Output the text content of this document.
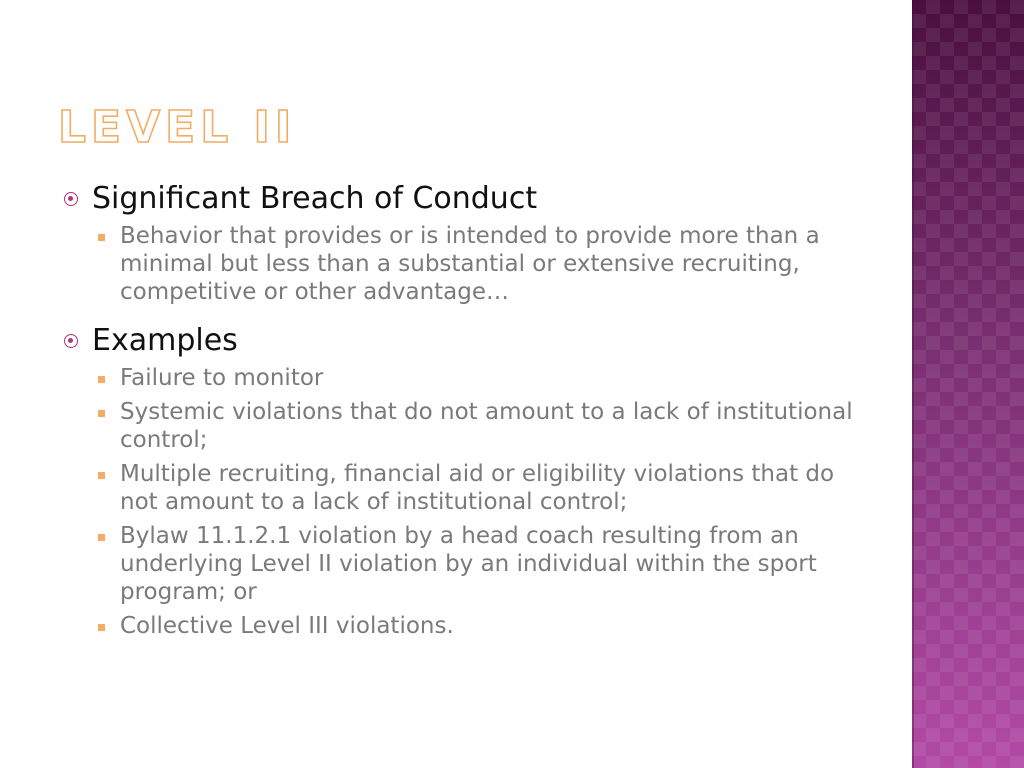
LEVEL II

Significant Breach of Conduct

Behavior that provides or is intended to provide more than a minimal but less than a substantial or extensive recruiting, competitive or other advantage…

Examples

Failure to monitor
Systemic violations that do not amount to a lack of institutional control;
Multiple recruiting, financial aid or eligibility violations that do not amount to a lack of institutional control;
Bylaw 11.1.2.1 violation by a head coach resulting from an underlying Level II violation by an individual within the sport program; or
Collective Level III violations.
